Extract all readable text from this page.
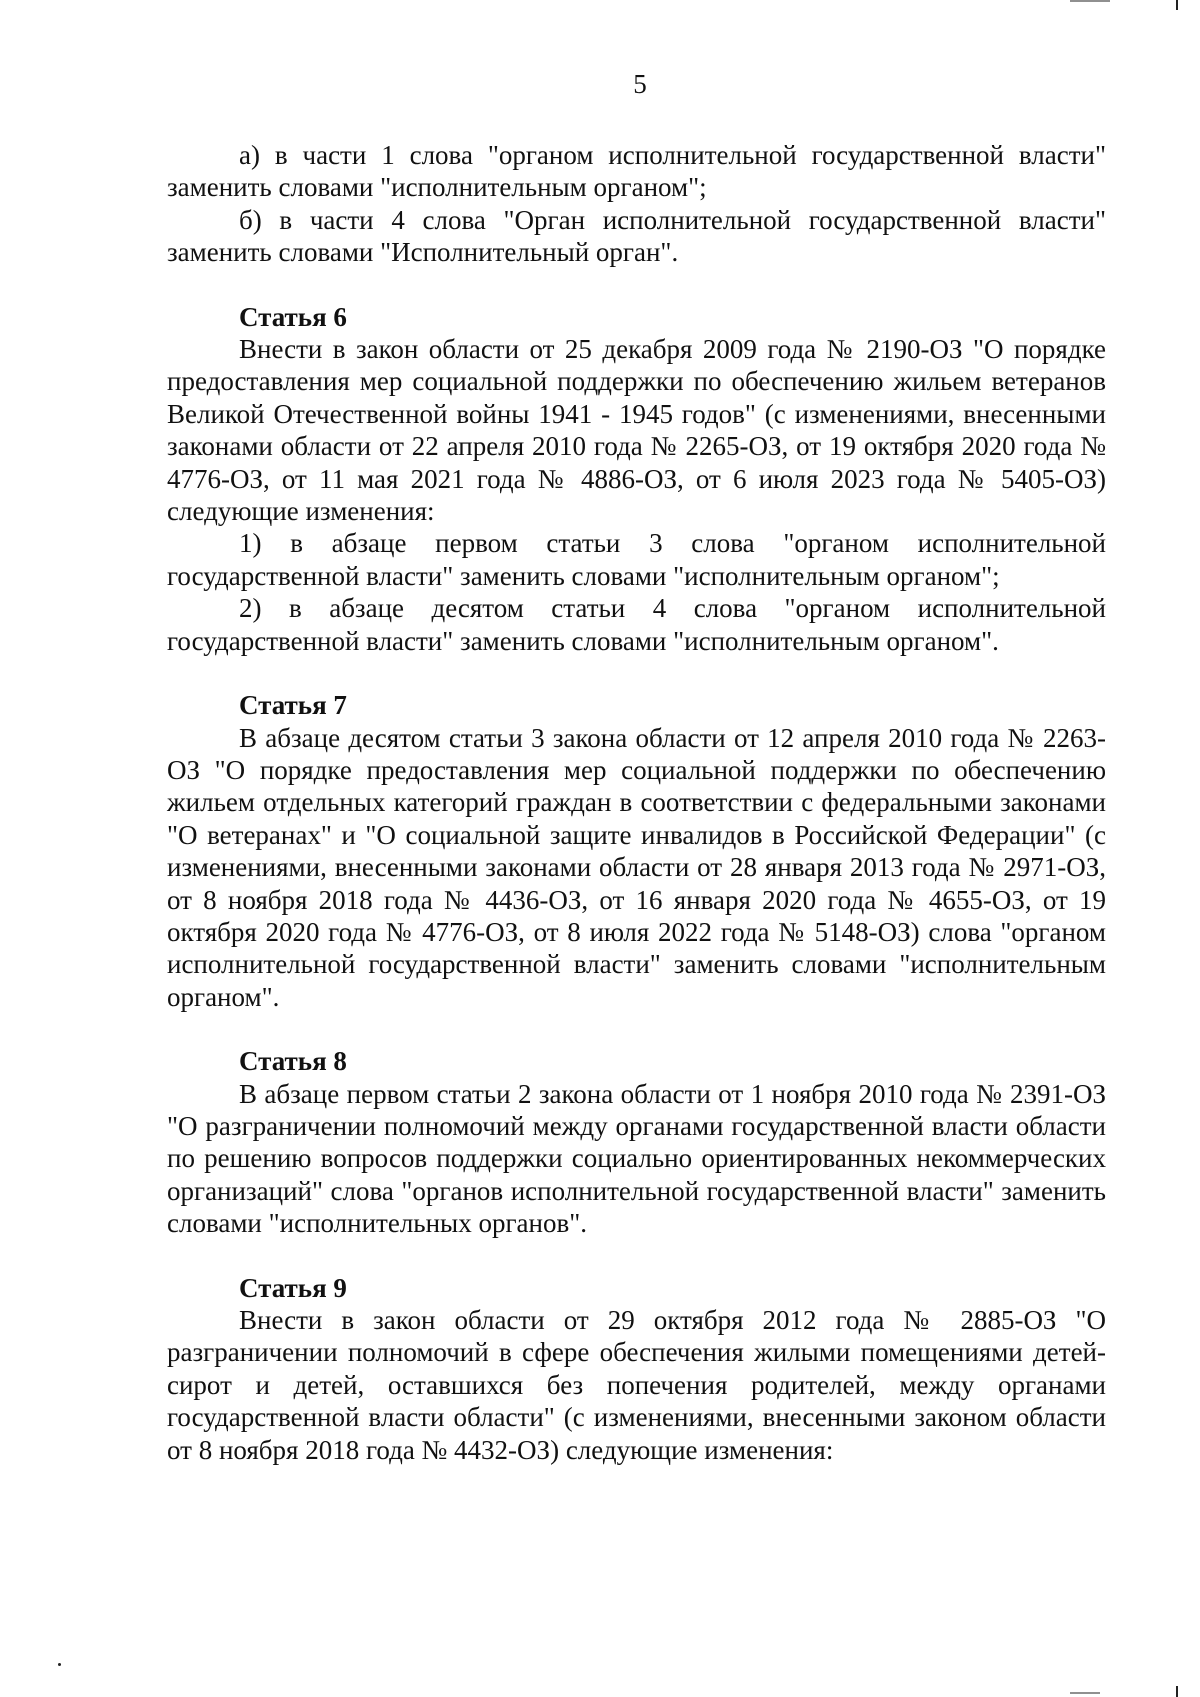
5

а) в части 1 слова "органом исполнительной государственной власти" заменить словами "исполнительным органом";

б) в части 4 слова "Орган исполнительной государственной власти" заменить словами "Исполнительный орган".

Статья 6

Внести в закон области от 25 декабря 2009 года № 2190-ОЗ "О порядке предоставления мер социальной поддержки по обеспечению жильем ветеранов Великой Отечественной войны 1941 - 1945 годов" (с изменениями, внесенными законами области от 22 апреля 2010 года № 2265-ОЗ, от 19 октября 2020 года № 4776-ОЗ, от 11 мая 2021 года № 4886-ОЗ, от 6 июля 2023 года № 5405-ОЗ) следующие изменения:

1) в абзаце первом статьи 3 слова "органом исполнительной государственной власти" заменить словами "исполнительным органом";

2) в абзаце десятом статьи 4 слова "органом исполнительной государственной власти" заменить словами "исполнительным органом".

Статья 7

В абзаце десятом статьи 3 закона области от 12 апреля 2010 года № 2263-ОЗ "О порядке предоставления мер социальной поддержки по обеспечению жильем отдельных категорий граждан в соответствии с федеральными законами "О ветеранах" и "О социальной защите инвалидов в Российской Федерации" (с изменениями, внесенными законами области от 28 января 2013 года № 2971-ОЗ, от 8 ноября 2018 года № 4436-ОЗ, от 16 января 2020 года № 4655-ОЗ, от 19 октября 2020 года № 4776-ОЗ, от 8 июля 2022 года № 5148-ОЗ) слова "органом исполнительной государственной власти" заменить словами "исполнительным органом".

Статья 8

В абзаце первом статьи 2 закона области от 1 ноября 2010 года № 2391-ОЗ "О разграничении полномочий между органами государственной власти области по решению вопросов поддержки социально ориентированных некоммерческих организаций" слова "органов исполнительной государственной власти" заменить словами "исполнительных органов".

Статья 9

Внести в закон области от 29 октября 2012 года № 2885-ОЗ "О разграничении полномочий в сфере обеспечения жилыми помещениями детей-сирот и детей, оставшихся без попечения родителей, между органами государственной власти области" (с изменениями, внесенными законом области от 8 ноября 2018 года № 4432-ОЗ) следующие изменения:
